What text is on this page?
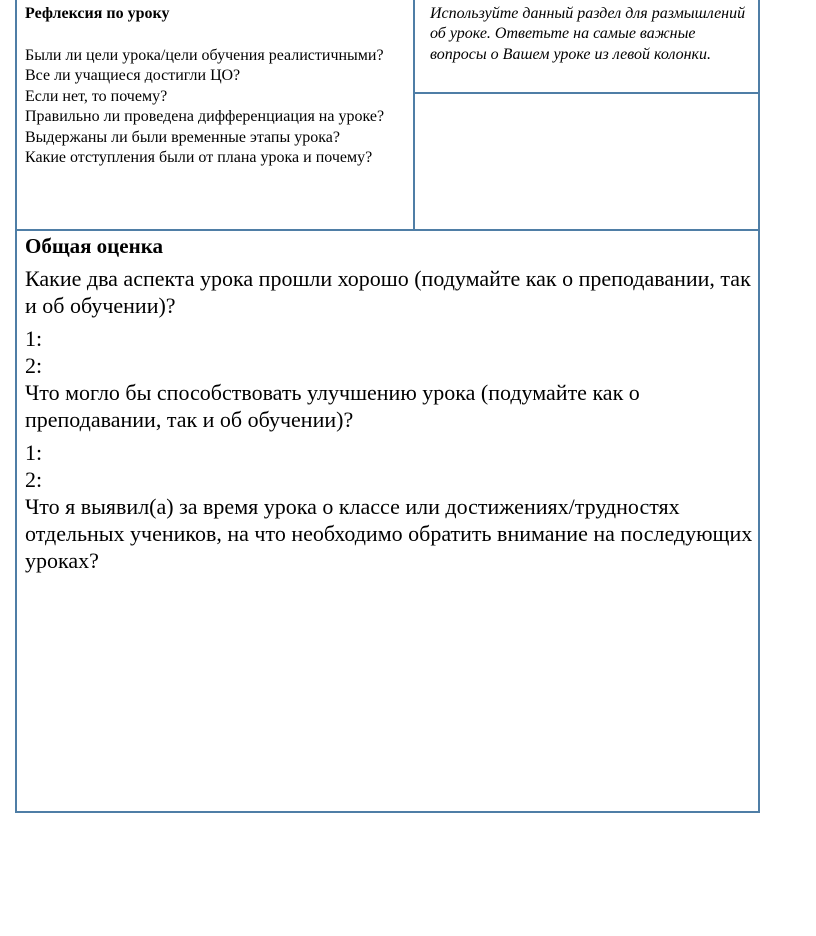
Рефлексия по уроку

Были ли цели урока/цели обучения реалистичными?

Все ли учащиеся достигли ЦО?

Если нет, то почему?

Правильно ли проведена дифференциация на уроке?

Выдержаны ли были временные этапы урока?

Какие отступления были от плана урока и почему?

Используйте данный раздел для размышлений об уроке. Ответьте на самые важные вопросы о Вашем уроке из левой колонки.

Общая оценка

Какие два аспекта урока прошли хорошо (подумайте как о преподавании, так и об обучении)?

1:

2:

Что могло бы способствовать улучшению урока (подумайте как о преподавании, так и об обучении)?

1:

2:

Что я выявил(а) за время урока о классе или достижениях/трудностях отдельных учеников, на что необходимо обратить внимание на последующих уроках?
